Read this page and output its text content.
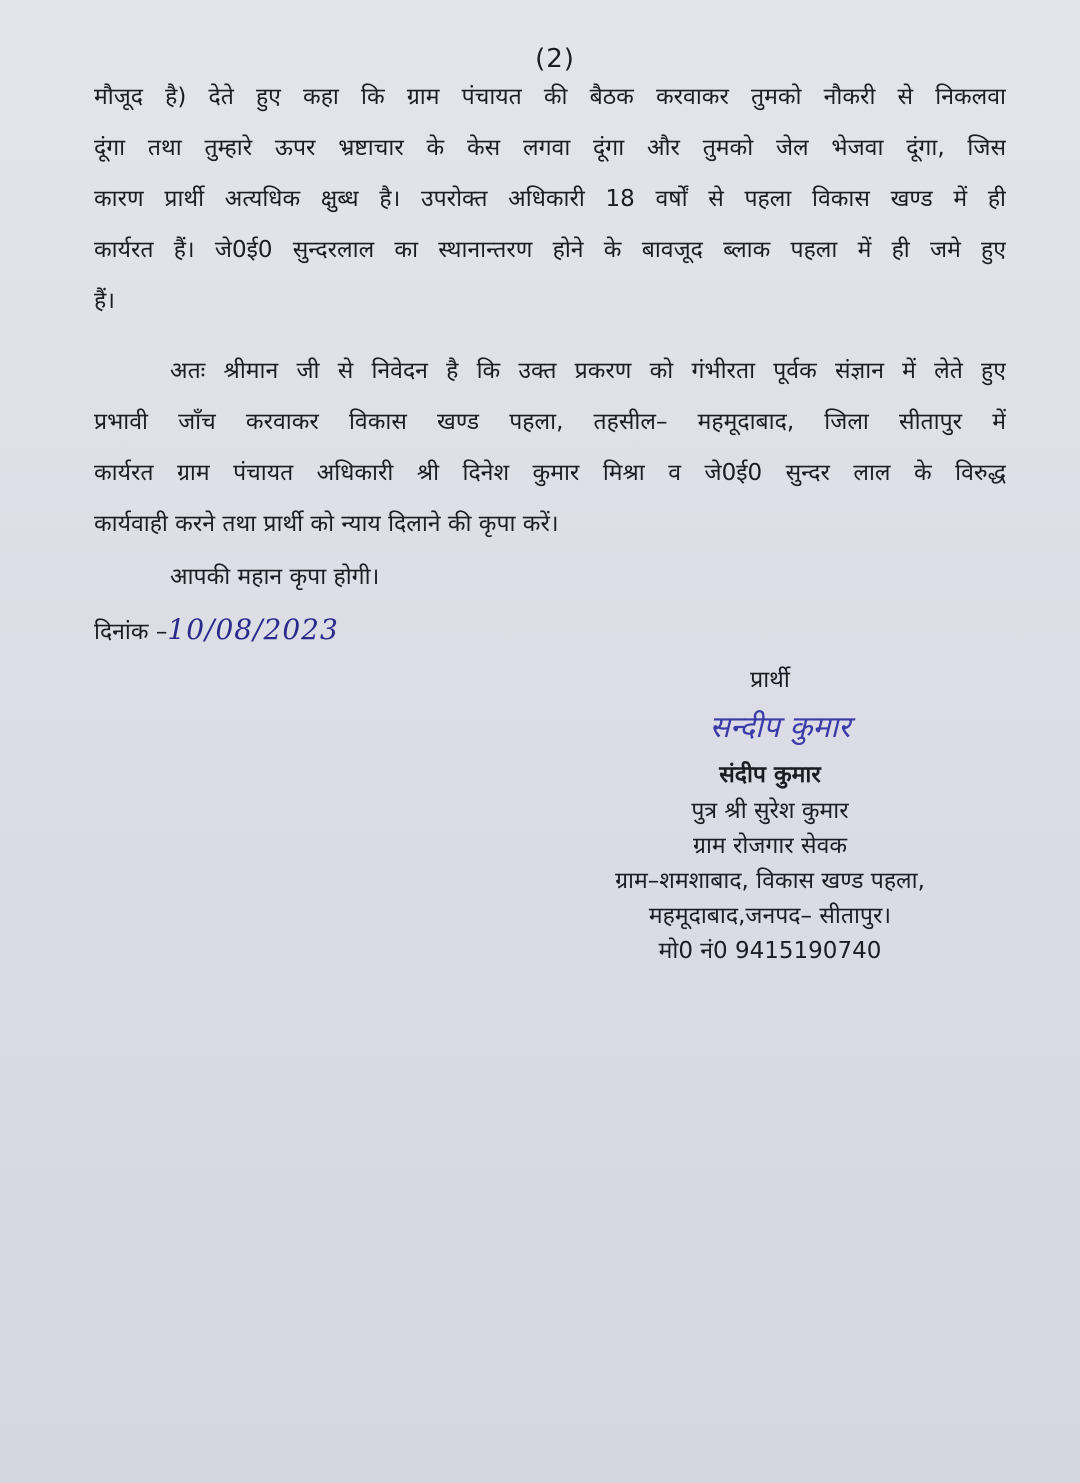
(2)

मौजूद है) देते हुए कहा कि ग्राम पंचायत की बैठक करवाकर तुमको नौकरी से निकलवा
दूंगा तथा तुम्हारे ऊपर भ्रष्टाचार के केस लगवा दूंगा और तुमको जेल भेजवा दूंगा, जिस
कारण प्रार्थी अत्यधिक क्षुब्ध है। उपरोक्त अधिकारी 18 वर्षों से पहला विकास खण्ड में ही
कार्यरत हैं। जे0ई0 सुन्दरलाल का स्थानान्तरण होने के बावजूद ब्लाक पहला में ही जमे हुए
हैं।

अतः श्रीमान जी से निवेदन है कि उक्त प्रकरण को गंभीरता पूर्वक संज्ञान में लेते हुए
प्रभावी जाँच करवाकर विकास खण्ड पहला, तहसील– महमूदाबाद, जिला सीतापुर में
कार्यरत ग्राम पंचायत अधिकारी श्री दिनेश कुमार मिश्रा व जे0ई0 सुन्दर लाल के विरुद्ध
कार्यवाही करने तथा प्रार्थी को न्याय दिलाने की कृपा करें।

आपकी महान कृपा होगी।
दिनांक –10/08/2023
प्रार्थी
सन्दीप कुमार
संदीप कुमार
पुत्र श्री सुरेश कुमार
ग्राम रोजगार सेवक
ग्राम–शमशाबाद, विकास खण्ड पहला,
महमूदाबाद,जनपद– सीतापुर।
मो0 नं0 9415190740
